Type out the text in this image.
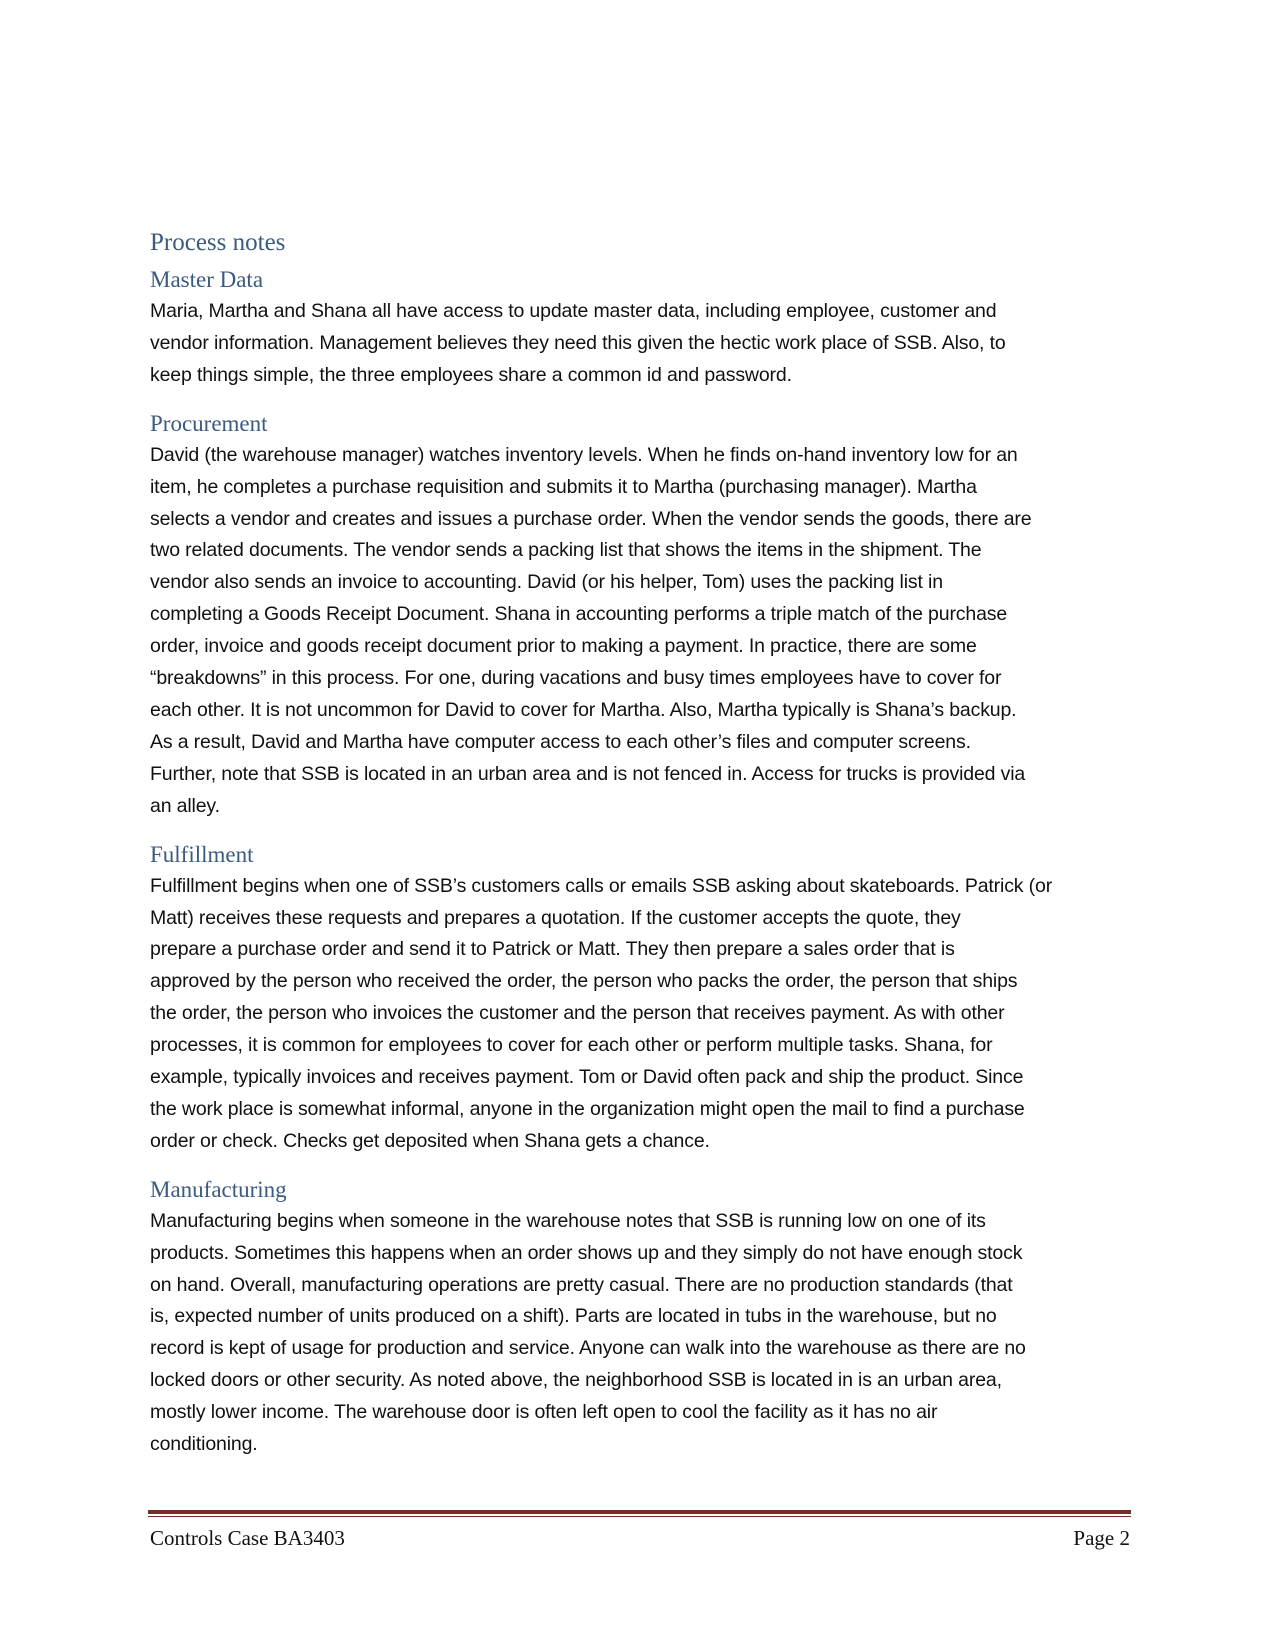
Process notes
Master Data

Maria, Martha and Shana all have access to update master data, including employee, customer and
vendor information. Management believes they need this given the hectic work place of SSB. Also, to
keep things simple, the three employees share a common id and password.

Procurement

David (the warehouse manager) watches inventory levels. When he finds on-hand inventory low for an
item, he completes a purchase requisition and submits it to Martha (purchasing manager). Martha
selects a vendor and creates and issues a purchase order. When the vendor sends the goods, there are
two related documents. The vendor sends a packing list that shows the items in the shipment. The
vendor also sends an invoice to accounting. David (or his helper, Tom) uses the packing list in
completing a Goods Receipt Document. Shana in accounting performs a triple match of the purchase
order, invoice and goods receipt document prior to making a payment. In practice, there are some
“breakdowns” in this process. For one, during vacations and busy times employees have to cover for
each other. It is not uncommon for David to cover for Martha. Also, Martha typically is Shana’s backup.
As a result, David and Martha have computer access to each other’s files and computer screens.
Further, note that SSB is located in an urban area and is not fenced in. Access for trucks is provided via
an alley.

Fulfillment

Fulfillment begins when one of SSB’s customers calls or emails SSB asking about skateboards. Patrick (or
Matt) receives these requests and prepares a quotation. If the customer accepts the quote, they
prepare a purchase order and send it to Patrick or Matt. They then prepare a sales order that is
approved by the person who received the order, the person who packs the order, the person that ships
the order, the person who invoices the customer and the person that receives payment. As with other
processes, it is common for employees to cover for each other or perform multiple tasks. Shana, for
example, typically invoices and receives payment. Tom or David often pack and ship the product. Since
the work place is somewhat informal, anyone in the organization might open the mail to find a purchase
order or check. Checks get deposited when Shana gets a chance.

Manufacturing

Manufacturing begins when someone in the warehouse notes that SSB is running low on one of its
products. Sometimes this happens when an order shows up and they simply do not have enough stock
on hand. Overall, manufacturing operations are pretty casual. There are no production standards (that
is, expected number of units produced on a shift). Parts are located in tubs in the warehouse, but no
record is kept of usage for production and service. Anyone can walk into the warehouse as there are no
locked doors or other security. As noted above, the neighborhood SSB is located in is an urban area,
mostly lower income. The warehouse door is often left open to cool the facility as it has no air
conditioning.

Controls Case BA3403	Page 2
